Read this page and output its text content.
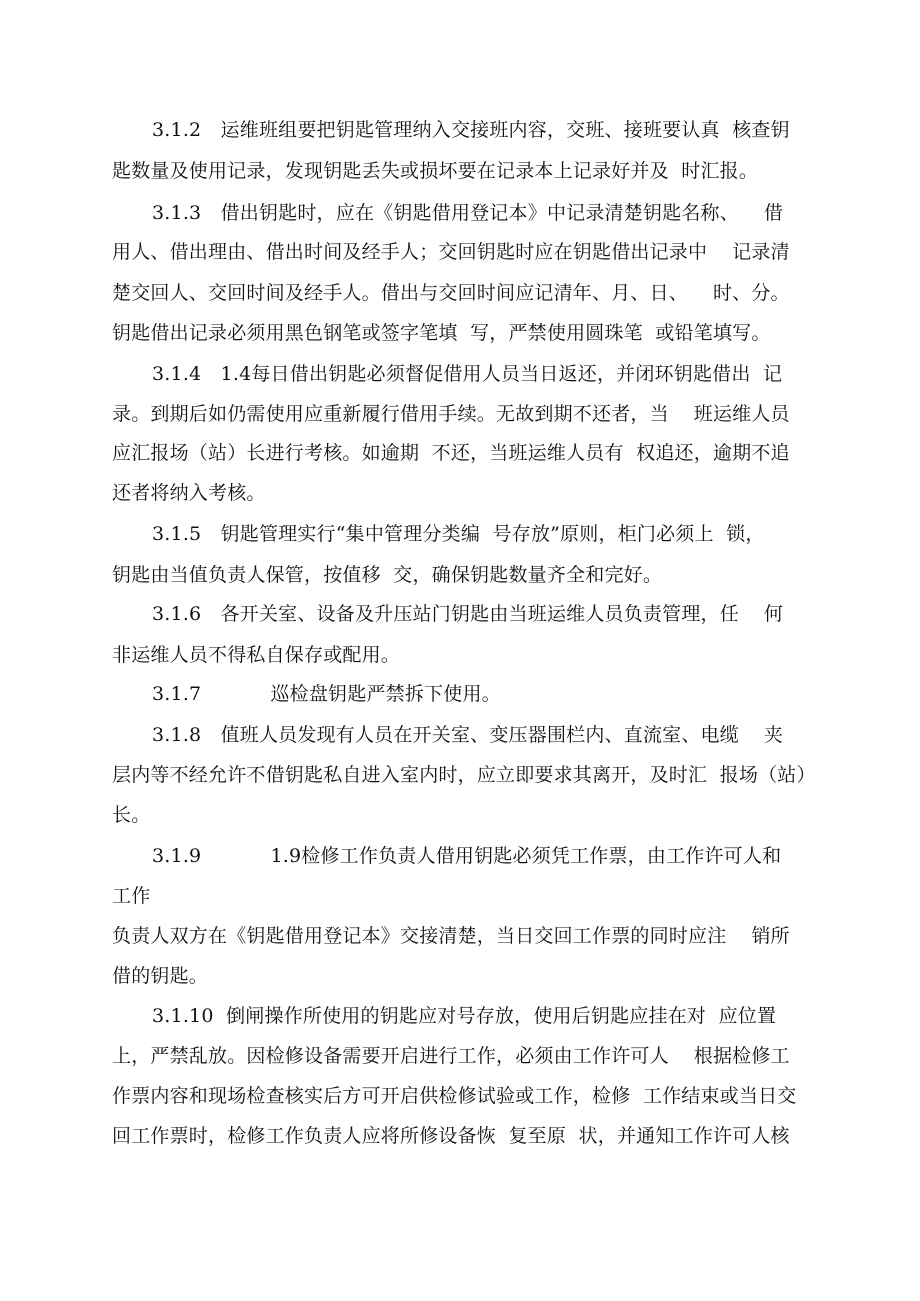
3.1.2　运维班组要把钥匙管理纳入交接班内容，交班、接班要认真  核查钥
匙数量及使用记录，发现钥匙丢失或损坏要在记录本上记录好并及  时汇报。
3.1.3　借出钥匙时，应在《钥匙借用登记本》中记录清楚钥匙名称、    借
用人、借出理由、借出时间及经手人；交回钥匙时应在钥匙借出记录中    记录清
楚交回人、交回时间及经手人。借出与交回时间应记清年、月、日、    时、分。
钥匙借出记录必须用黑色钢笔或签字笔填  写，严禁使用圆珠笔  或铅笔填写。
3.1.4　1.4每日借出钥匙必须督促借用人员当日返还，并闭环钥匙借出  记
录。到期后如仍需使用应重新履行借用手续。无故到期不还者，当    班运维人员
应汇报场（站）长进行考核。如逾期  不还，当班运维人员有  权追还，逾期不追
还者将纳入考核。
3.1.5　钥匙管理实行“集中管理分类编  号存放”原则，柜门必须上  锁，
钥匙由当值负责人保管，按值移  交，确保钥匙数量齐全和完好。
3.1.6　各开关室、设备及升压站门钥匙由当班运维人员负责管理，任    何
非运维人员不得私自保存或配用。
3.1.7　        巡检盘钥匙严禁拆下使用。
3.1.8　值班人员发现有人员在开关室、变压器围栏内、直流室、电缆    夹
层内等不经允许不借钥匙私自进入室内时，应立即要求其离开，及时汇  报场（站）
长。
3.1.9　        1.9检修工作负责人借用钥匙必须凭工作票，由工作许可人和
工作
负责人双方在《钥匙借用登记本》交接清楚，当日交回工作票的同时应注    销所
借的钥匙。
3.1.10  倒闸操作所使用的钥匙应对号存放，使用后钥匙应挂在对  应位置
上，严禁乱放。因检修设备需要开启进行工作，必须由工作许可人    根据检修工
作票内容和现场检查核实后方可开启供检修试验或工作，检修  工作结束或当日交
回工作票时，检修工作负责人应将所修设备恢  复至原  状，并通知工作许可人核
